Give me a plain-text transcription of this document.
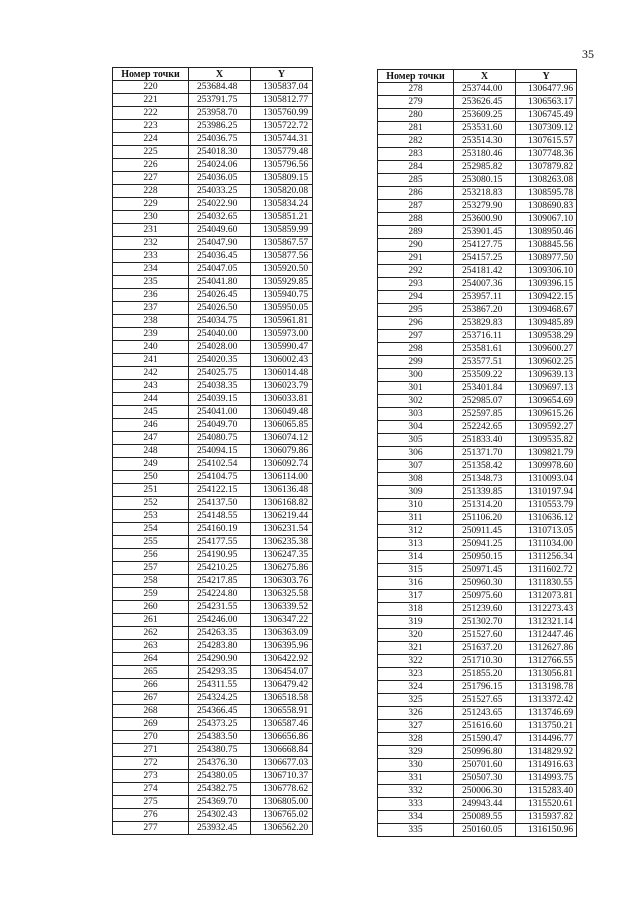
35
Номер точки	X	Y
220	253684.48	1305837.04
221	253791.75	1305812.77
222	253958.70	1305760.99
223	253986.25	1305722.72
224	254036.75	1305744.31
225	254018.30	1305779.48
226	254024.06	1305796.56
227	254036.05	1305809.15
228	254033.25	1305820.08
229	254022.90	1305834.24
230	254032.65	1305851.21
231	254049.60	1305859.99
232	254047.90	1305867.57
233	254036.45	1305877.56
234	254047.05	1305920.50
235	254041.80	1305929.85
236	254026.45	1305940.75
237	254026.50	1305950.05
238	254034.75	1305961.81
239	254040.00	1305973.00
240	254028.00	1305990.47
241	254020.35	1306002.43
242	254025.75	1306014.48
243	254038.35	1306023.79
244	254039.15	1306033.81
245	254041.00	1306049.48
246	254049.70	1306065.85
247	254080.75	1306074.12
248	254094.15	1306079.86
249	254102.54	1306092.74
250	254104.75	1306114.00
251	254122.15	1306136.48
252	254137.50	1306168.82
253	254148.55	1306219.44
254	254160.19	1306231.54
255	254177.55	1306235.38
256	254190.95	1306247.35
257	254210.25	1306275.86
258	254217.85	1306303.76
259	254224.80	1306325.58
260	254231.55	1306339.52
261	254246.00	1306347.22
262	254263.35	1306363.09
263	254283.80	1306395.96
264	254290.90	1306422.92
265	254293.35	1306454.07
266	254311.55	1306479.42
267	254324.25	1306518.58
268	254366.45	1306558.91
269	254373.25	1306587.46
270	254383.50	1306656.86
271	254380.75	1306668.84
272	254376.30	1306677.03
273	254380.05	1306710.37
274	254382.75	1306778.62
275	254369.70	1306805.00
276	254302.43	1306765.02
277	253932.45	1306562.20
Номер точки	X	Y
278	253744.00	1306477.96
279	253626.45	1306563.17
280	253609.25	1306745.49
281	253531.60	1307309.12
282	253514.30	1307615.57
283	253180.46	1307748.36
284	252985.82	1307879.82
285	253080.15	1308263.08
286	253218.83	1308595.78
287	253279.90	1308690.83
288	253600.90	1309067.10
289	253901.45	1308950.46
290	254127.75	1308845.56
291	254157.25	1308977.50
292	254181.42	1309306.10
293	254007.36	1309396.15
294	253957.11	1309422.15
295	253867.20	1309468.67
296	253829.83	1309485.89
297	253716.11	1309538.29
298	253581.61	1309600.27
299	253577.51	1309602.25
300	253509.22	1309639.13
301	253401.84	1309697.13
302	252985.07	1309654.69
303	252597.85	1309615.26
304	252242.65	1309592.27
305	251833.40	1309535.82
306	251371.70	1309821.79
307	251358.42	1309978.60
308	251348.73	1310093.04
309	251339.85	1310197.94
310	251314.20	1310553.79
311	251106.20	1310636.12
312	250911.45	1310713.05
313	250941.25	1311034.00
314	250950.15	1311256.34
315	250971.45	1311602.72
316	250960.30	1311830.55
317	250975.60	1312073.81
318	251239.60	1312273.43
319	251302.70	1312321.14
320	251527.60	1312447.46
321	251637.20	1312627.86
322	251710.30	1312766.55
323	251855.20	1313056.81
324	251796.15	1313198.78
325	251527.65	1313372.42
326	251243.65	1313746.69
327	251616.60	1313750.21
328	251590.47	1314496.77
329	250996.80	1314829.92
330	250701.60	1314916.63
331	250507.30	1314993.75
332	250006.30	1315283.40
333	249943.44	1315520.61
334	250089.55	1315937.82
335	250160.05	1316150.96
